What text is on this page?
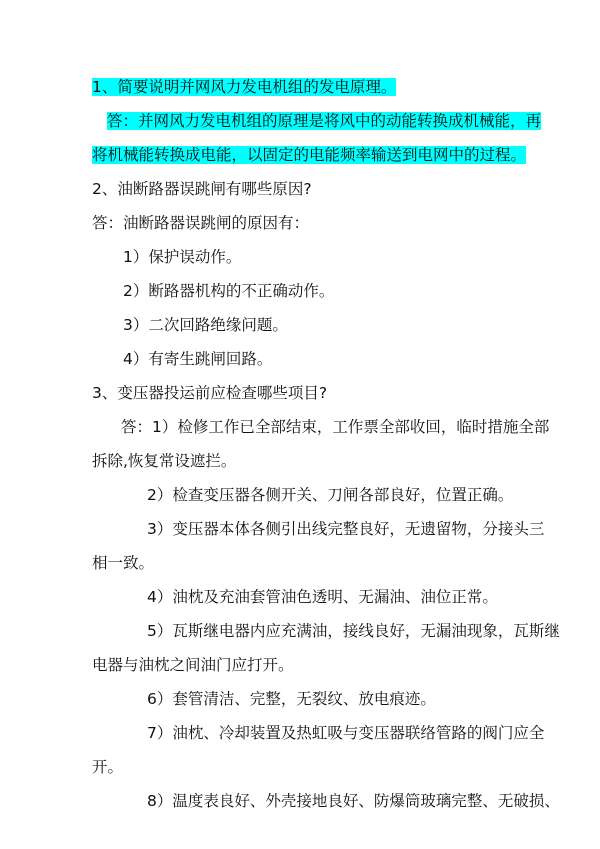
1、简要说明并网风力发电机组的发电原理。

答：并网风力发电机组的原理是将风中的动能转换成机械能，再

将机械能转换成电能，以固定的电能频率输送到电网中的过程。

2、油断路器误跳闸有哪些原因?

答：油断路器误跳闸的原因有：

1）保护误动作。

2）断路器机构的不正确动作。

3）二次回路绝缘问题。

4）有寄生跳闸回路。

3、变压器投运前应检查哪些项目?

答：1）检修工作已全部结束，工作票全部收回，临时措施全部

拆除,恢复常设遮拦。

2）检查变压器各侧开关、刀闸各部良好，位置正确。

3）变压器本体各侧引出线完整良好，无遗留物，分接头三

相一致。

4）油枕及充油套管油色透明、无漏油、油位正常。

5）瓦斯继电器内应充满油，接线良好，无漏油现象，瓦斯继

电器与油枕之间油门应打开。

6）套管清洁、完整，无裂纹、放电痕迹。

7）油枕、冷却装置及热虹吸与变压器联络管路的阀门应全

开。

8）温度表良好、外壳接地良好、防爆筒玻璃完整、无破损、
